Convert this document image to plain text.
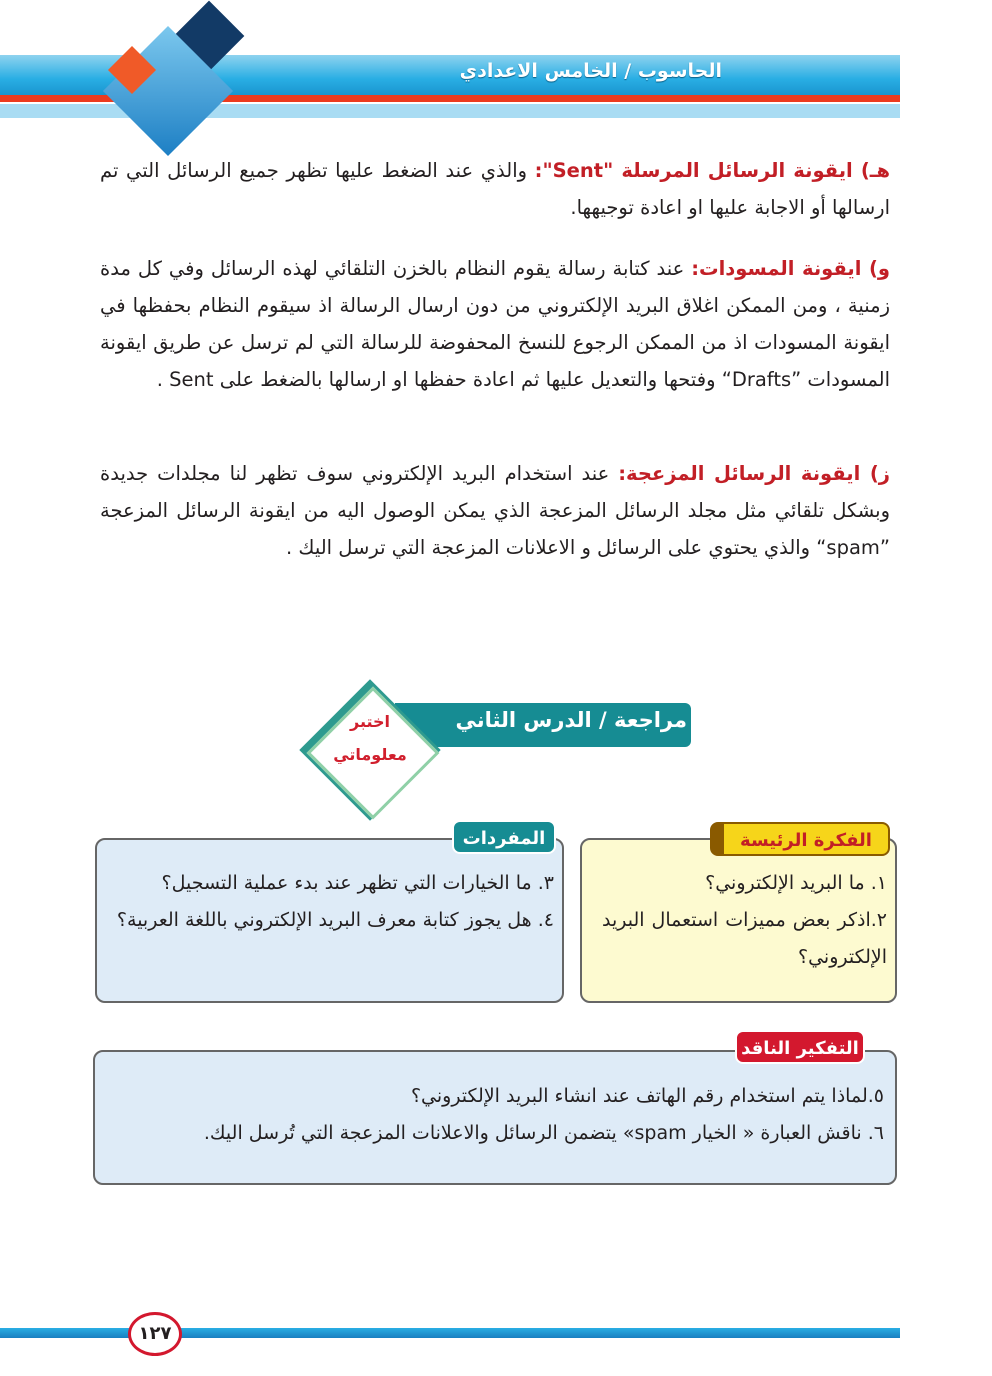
الحاسوب / الخامس الاعدادي
هـ) ايقونة الرسائل المرسلة "Sent": والذي عند الضغط عليها تظهر جميع الرسائل التي تم ارسالها أو الاجابة عليها او اعادة توجيهها.
و) ايقونة المسودات: عند كتابة رسالة يقوم النظام بالخزن التلقائي لهذه الرسائل وفي كل مدة زمنية ، ومن الممكن اغلاق البريد الإلكتروني من دون ارسال الرسالة اذ سيقوم النظام بحفظها في ايقونة المسودات اذ من الممكن الرجوع للنسخ المحفوضة للرسالة التي لم ترسل عن طريق ايقونة المسودات ”Drafts“ وفتحها والتعديل عليها ثم اعادة حفظها او ارسالها بالضغط على Sent .
ز) ايقونة الرسائل المزعجة: عند استخدام البريد الإلكتروني سوف تظهر لنا مجلدات جديدة وبشكل تلقائي مثل مجلد الرسائل المزعجة الذي يمكن الوصول اليه من ايقونة الرسائل المزعجة ”spam“ والذي يحتوي على الرسائل و الاعلانات المزعجة التي ترسل اليك .
مراجعة / الدرس الثاني
اختبر
معلوماتي
الفكرة الرئيسة
١. ما البريد الإلكتروني؟
٢.اذكر بعض مميزات استعمال البريد الإلكتروني؟
المفردات
٣. ما الخيارات التي تظهر عند بدء عملية التسجيل؟
٤. هل يجوز كتابة معرف البريد الإلكتروني باللغة العربية؟
التفكير الناقد
٥.لماذا يتم استخدام رقم الهاتف عند انشاء البريد الإلكتروني؟
٦. ناقش العبارة « الخيار spam» يتضمن الرسائل والاعلانات المزعجة التي تُرسل اليك.
١٢٧
